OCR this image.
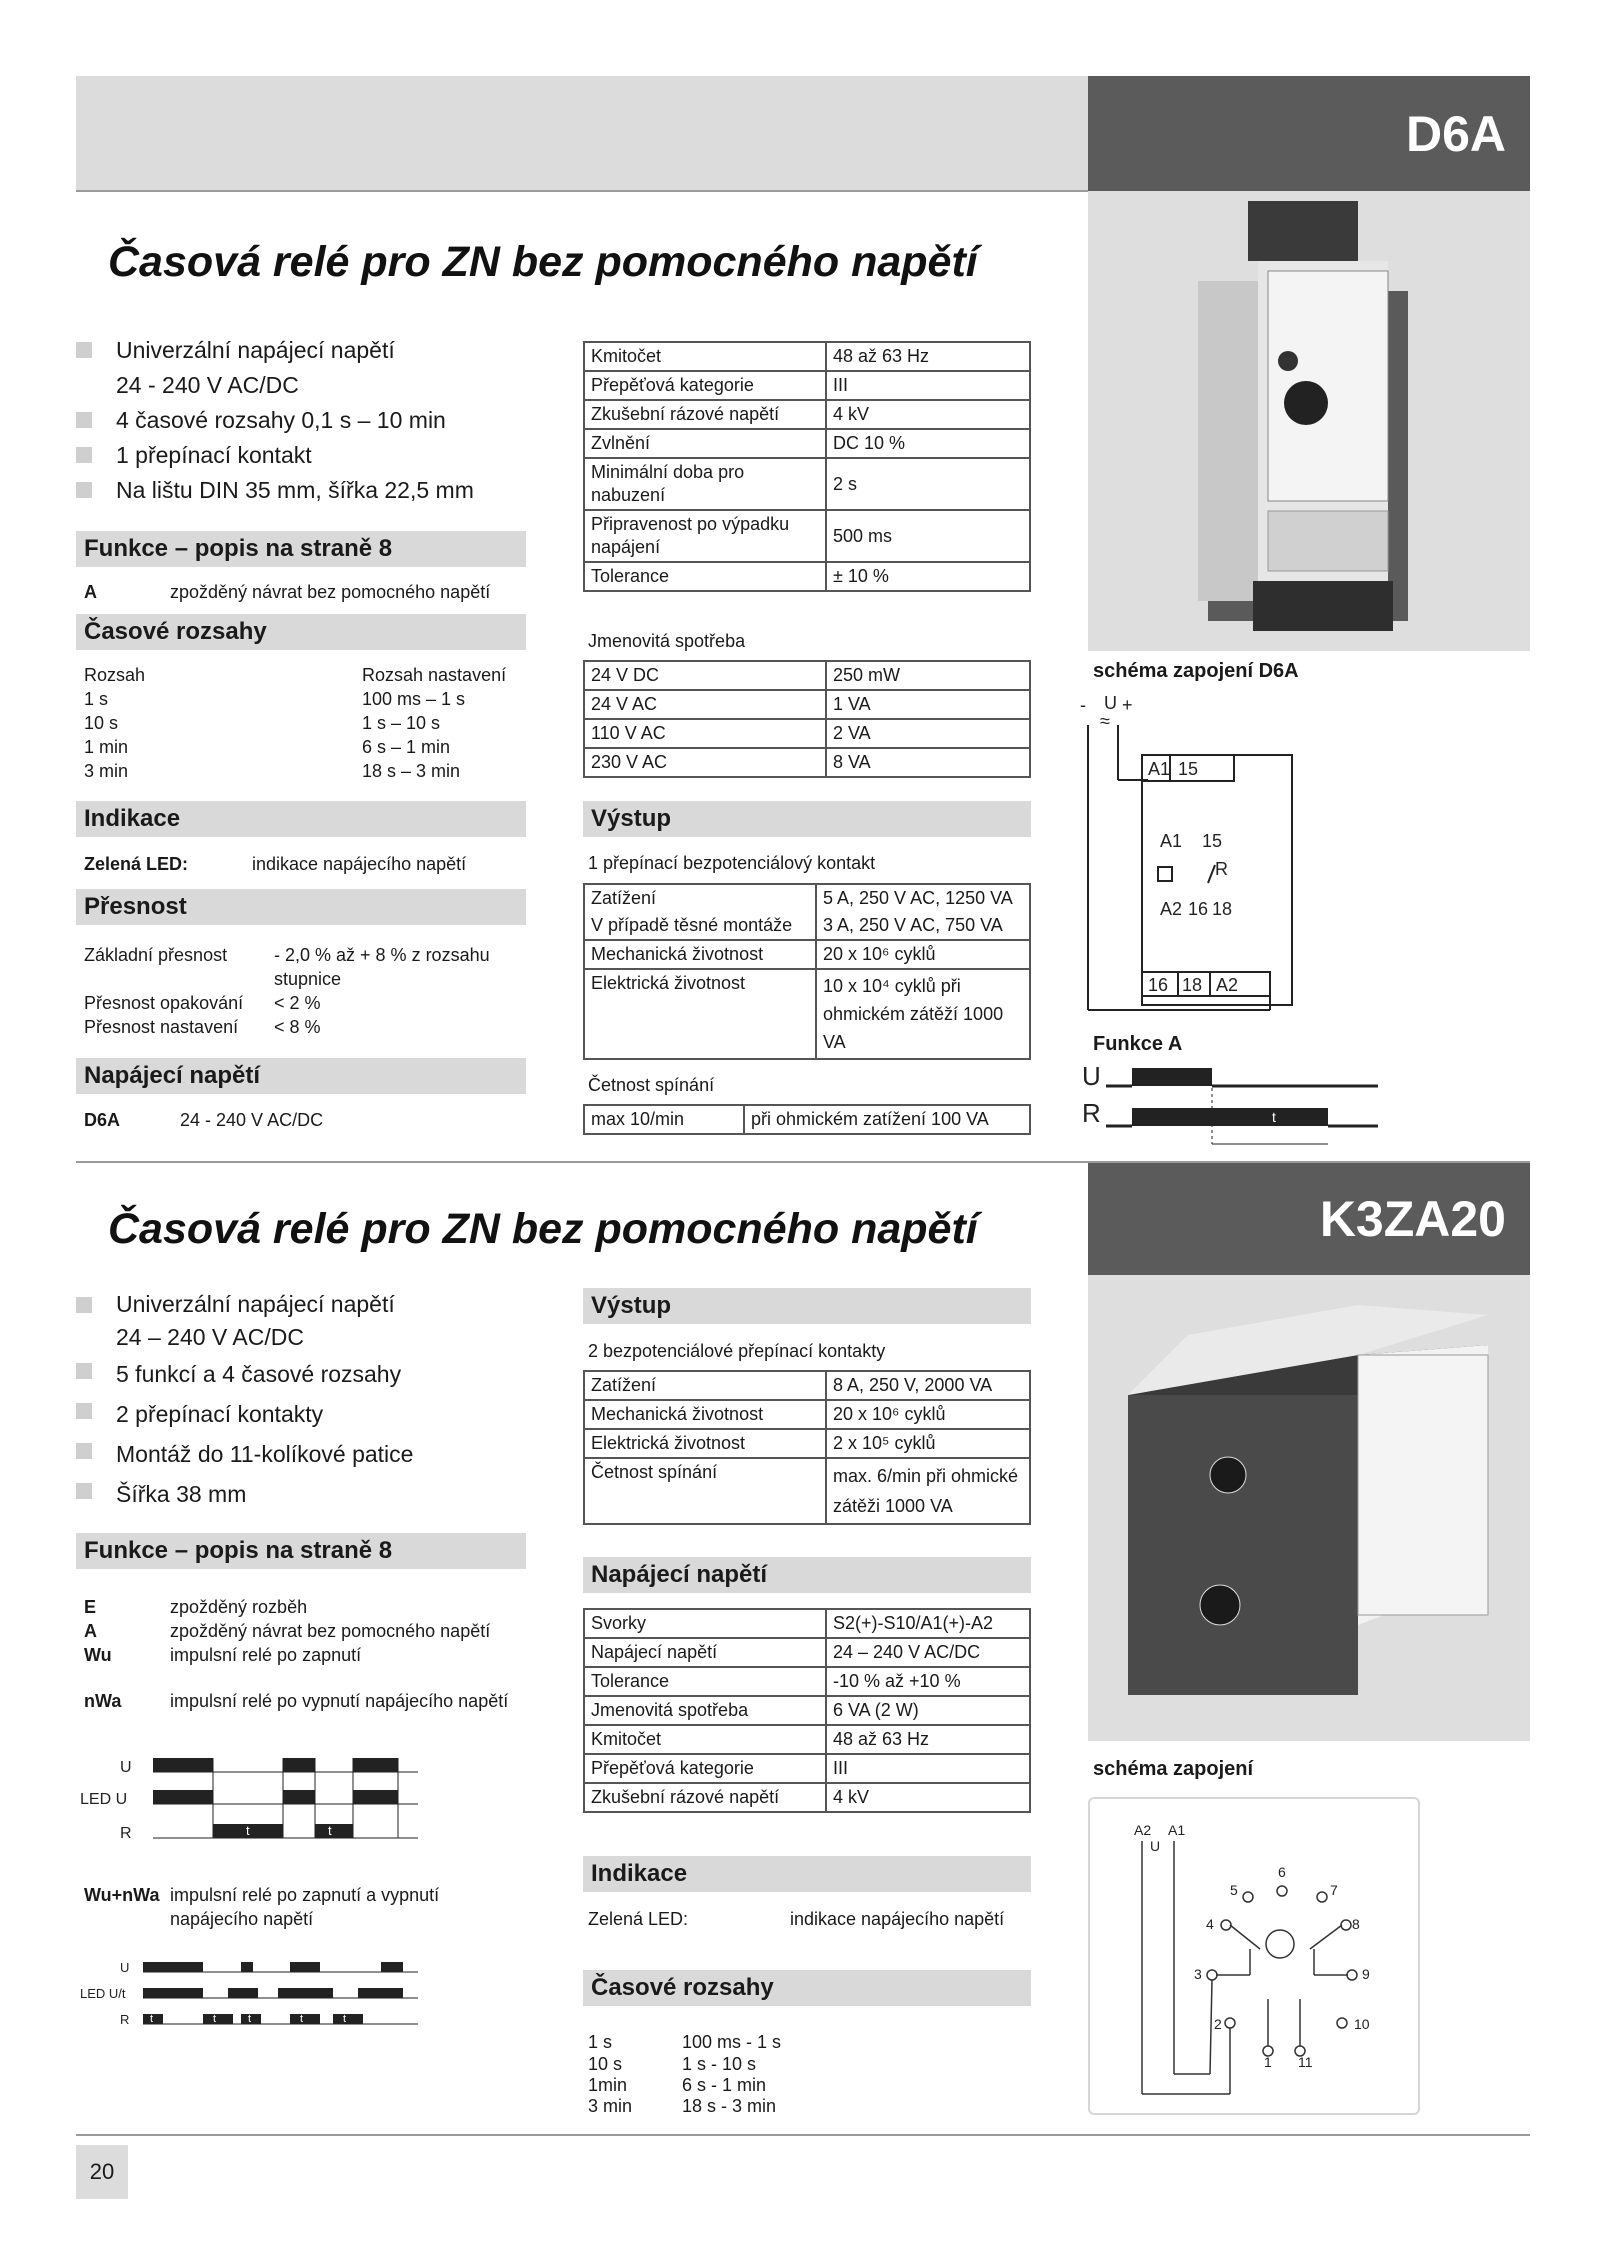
D6A
Časová relé pro ZN bez pomocného napětí
Univerzální napájecí napětí
24 - 240 V AC/DC
4 časové rozsahy 0,1 s – 10 min
1 přepínací kontakt
Na lištu DIN 35 mm, šířka 22,5 mm
Funkce – popis na straně 8
A	zpožděný návrat bez pomocného napětí
Časové rozsahy
Rozsah	Rozsah nastavení
1 s	100 ms – 1 s
10 s	1 s – 10 s
1 min	6 s – 1 min
3 min	18 s – 3 min
Indikace
Zelená LED:	indikace napájecího napětí
Přesnost
Základní přesnost	- 2,0 % až + 8 % z rozsahu stupnice
Přesnost opakování	< 2 %
Přesnost nastavení	< 8 %
Napájecí napětí
D6A	24 - 240 V AC/DC
Kmitočet	48 až 63 Hz
Přepěťová kategorie	III
Zkušební rázové napětí	4 kV
Zvlnění	DC 10 %
Minimální doba pro nabuzení	2 s
Připravenost po výpadku napájení	500 ms
Tolerance	± 10 %
Jmenovitá spotřeba
24 V DC	250 mW
24 V AC	1 VA
110 V AC	2 VA
230 V AC	8 VA
Výstup
1 přepínací bezpotenciálový kontakt
Zatížení	5 A, 250 V AC, 1250 VA
V případě těsné montáže	3 A, 250 V AC, 750 VA
Mechanická životnost	20 x 10⁶ cyklů
Elektrická životnost	10 x 10⁴ cyklů při ohmickém zátěží 1000 VA
Četnost spínání
max 10/min	při ohmickém zatížení 100 VA
schéma zapojení D6A
- U +
≈
A1 15
A1 15
R
A2 16 18
16 18 A2
Funkce A
U
R	t
K3ZA20
Časová relé pro ZN bez pomocného napětí
Univerzální napájecí napětí
24 – 240 V AC/DC
5 funkcí a 4 časové rozsahy
2 přepínací kontakty
Montáž do 11-kolíkové patice
Šířka 38 mm
Funkce – popis na straně 8
E	zpožděný rozběh
A	zpožděný návrat bez pomocného napětí
Wu	impulsní relé po zapnutí
nWa	impulsní relé po vypnutí napájecího napětí
U
LED U
R	t	t
Wu+nWa impulsní relé po zapnutí a vypnutí napájecího napětí
U
LED U/t
R t	t	t	t	t
Výstup
2 bezpotenciálové přepínací kontakty
Zatížení	8 A, 250 V, 2000 VA
Mechanická životnost	20 x 10⁶ cyklů
Elektrická životnost	2 x 10⁵ cyklů
Četnost spínání	max. 6/min při ohmické zátěži 1000 VA
Napájecí napětí
Svorky	S2(+)-S10/A1(+)-A2
Napájecí napětí	24 – 240 V AC/DC
Tolerance	-10 % až +10 %
Jmenovitá spotřeba	6 VA (2 W)
Kmitočet	48 až 63 Hz
Přepěťová kategorie	III
Zkušební rázové napětí	4 kV
Indikace
Zelená LED:	indikace napájecího napětí
Časové rozsahy
1 s	100 ms - 1 s
10 s	1 s - 10 s
1min	6 s - 1 min
3 min	18 s - 3 min
schéma zapojení
A2 A1
U
1
2
3
4
5
6
7
8
9
10
11
20
